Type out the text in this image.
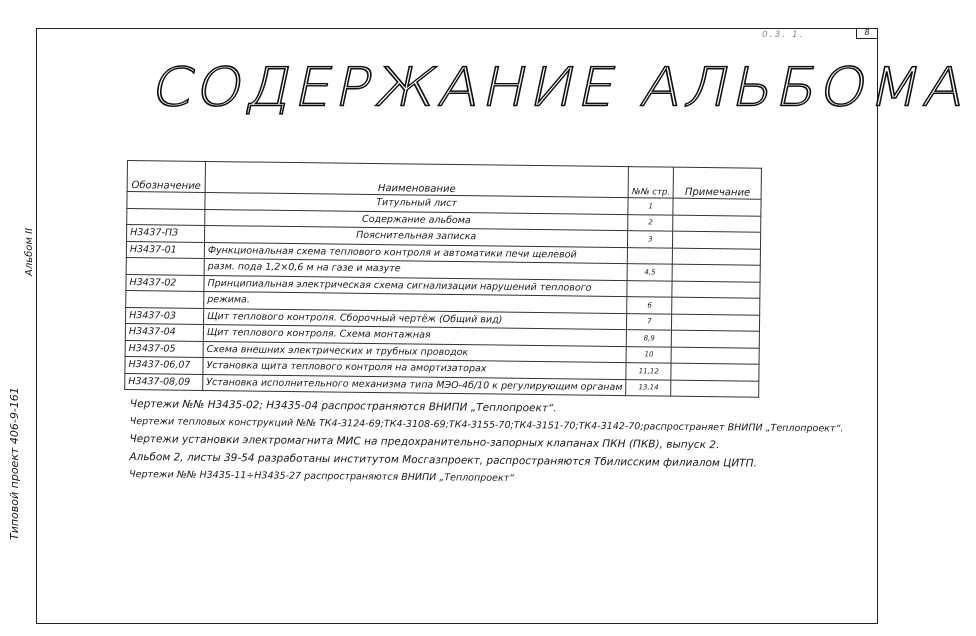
8
0.3. 1.
Альбом II
Типовой проект 406-9-161
СОДЕРЖАНИЕ АЛЬБОМА
Обозначение	Наименование	№№ стр.	Примечание
	Титульный лист	1	
	Содержание альбома	2	
Н3437-ПЗ	Пояснительная записка	3	
Н3437-01	Функциональная схема теплового контроля и автоматики печи щелевой		
	разм. пода 1,2×0,6 м на газе и мазуте	4,5	
Н3437-02	Принципиальная электрическая схема сигнализации нарушений теплового		
	режима.	6	
Н3437-03	Щит теплового контроля. Сборочный чертёж (Общий вид)	7	
Н3437-04	Щит теплового контроля. Схема монтажная	8,9	
Н3437-05	Схема внешних электрических и трубных проводок	10	
Н3437-06,07	Установка щита теплового контроля на амортизаторах	11,12	
Н3437-08,09	Установка исполнительного механизма типа МЭО-4б/10 к регулирующим органам	13,14	

Чертежи №№ Н3435-02; Н3435-04 распространяются ВНИПИ „Теплопроект“.

Чертежи тепловых конструкций №№ ТК4-3124-69;ТК4-3108-69;ТК4-3155-70;ТК4-3151-70;ТК4-3142-70;распространяет ВНИПИ „Теплопроект“.

Чертежи установки электромагнита МИС на предохранительно-запорных клапанах ПКН (ПКВ), выпуск 2.

Альбом 2, листы 39-54 разработаны институтом Мосгазпроект, распространяются Тбилисским филиалом ЦИТП.

Чертежи №№ Н3435-11÷Н3435-27 распространяются ВНИПИ „Теплопроект“
